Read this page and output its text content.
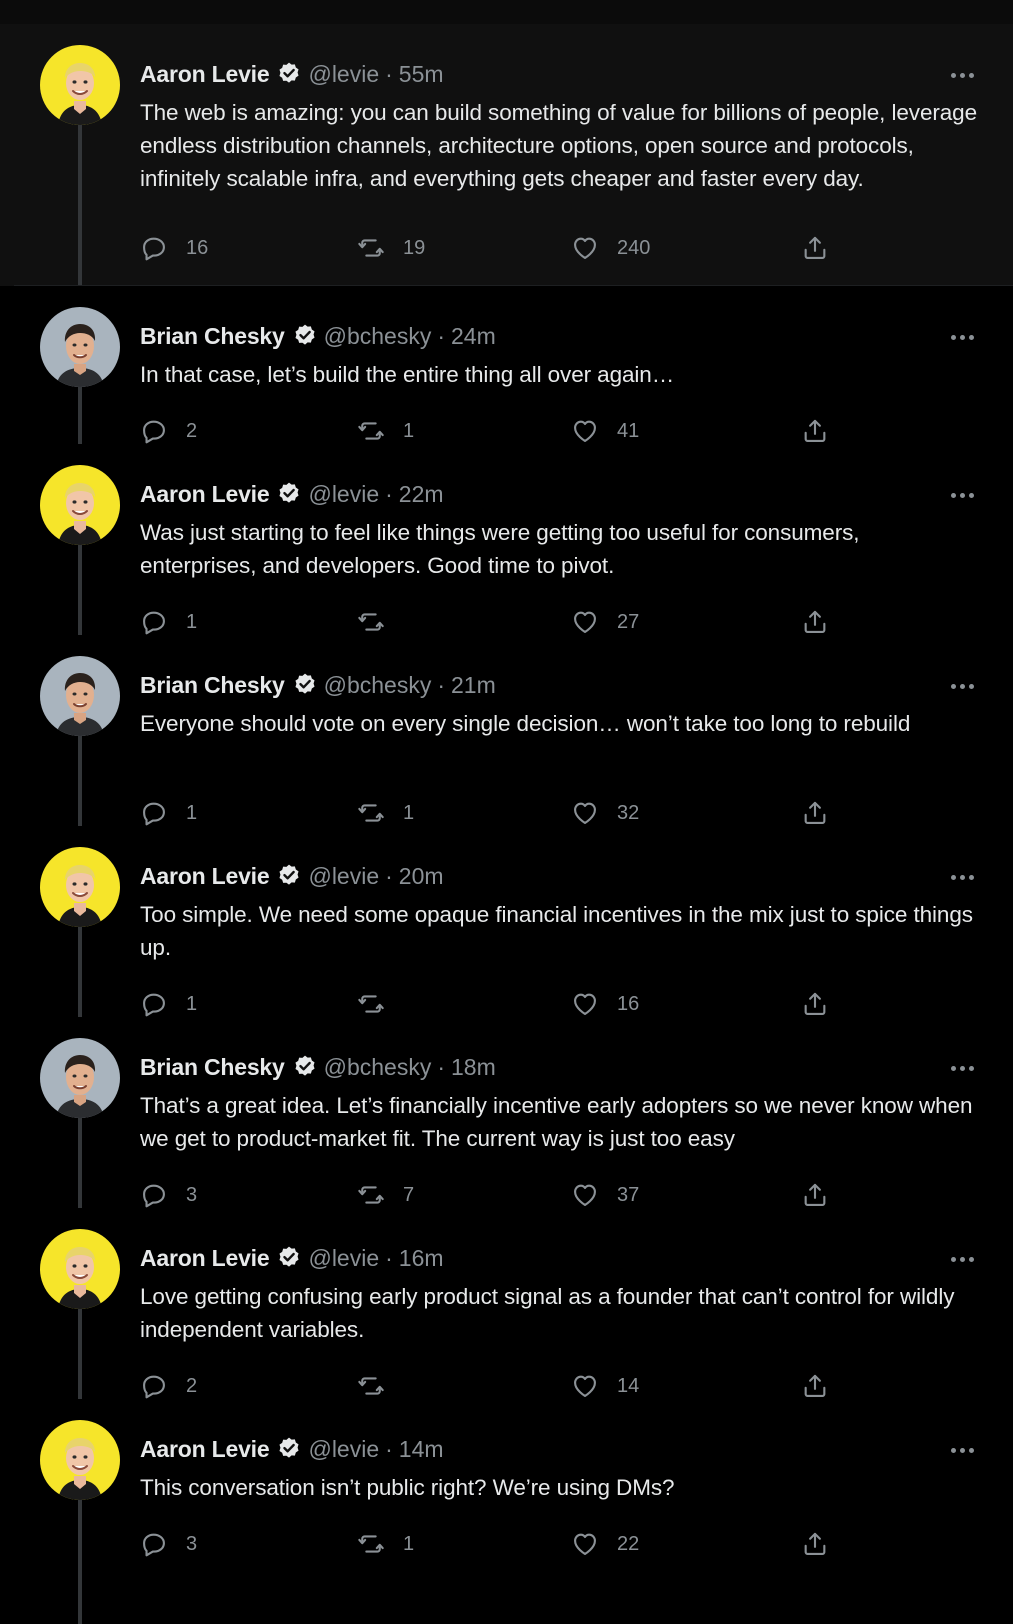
Aaron Levie @levie · 55m
The web is amazing: you can build something of value for billions of people, leverage endless distribution channels, architecture options, open source and protocols, infinitely scalable infra, and everything gets cheaper and faster every day.
16	19	240
Brian Chesky @bchesky · 24m
In that case, let’s build the entire thing all over again…
2	1	41
Aaron Levie @levie · 22m
Was just starting to feel like things were getting too useful for consumers, enterprises, and developers. Good time to pivot.
1	27
Brian Chesky @bchesky · 21m
Everyone should vote on every single decision… won’t take too long to rebuild
1	1	32
Aaron Levie @levie · 20m
Too simple. We need some opaque financial incentives in the mix just to spice things up.
1	16
Brian Chesky @bchesky · 18m
That’s a great idea. Let’s financially incentive early adopters so we never know when we get to product-market fit. The current way is just too easy
3	7	37
Aaron Levie @levie · 16m
Love getting confusing early product signal as a founder that can’t control for wildly independent variables.
2	14
Aaron Levie @levie · 14m
This conversation isn’t public right? We’re using DMs?
3	1	22
